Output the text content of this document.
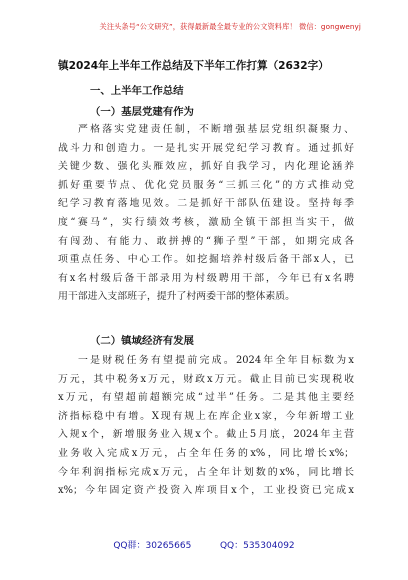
关注头条号“公文研究”，获得最新最全最专业的公文资料库！ 微信：gongwenyj
镇2024年上半年工作总结及下半年工作打算（2632字）
一、上半年工作总结
（一）基层党建有作为
严格落实党建责任制，不断增强基层党组织凝聚力、
战斗力和创造力。一是扎实开展党纪学习教育。通过抓好
关键少数、强化头雁效应，抓好自我学习，内化理论涵养
抓好重要节点、优化党员服务“三抓三化”的方式推动党
纪学习教育落地见效。二是抓好干部队伍建设。坚持每季
度“赛马”，实行绩效考核，激励全镇干部担当实干，做
有闯劲、有能力、敢拼搏的“狮子型”干部，如期完成各
项重点任务、中心工作。如挖掘培养村级后备干部x人，已
有x名村级后备干部录用为村级聘用干部，今年已有x名聘
用干部进入支部班子，提升了村两委干部的整体素质。
（二）镇域经济有发展
一是财税任务有望提前完成。2024年全年目标数为x
万元，其中税务x万元，财政x万元。截止目前已实现税收
x万元，有望超前超额完成“过半”任务。二是其他主要经
济指标稳中有增。X现有规上在库企业x家，今年新增工业
入规x个，新增服务业入规x个。截止5月底，2024年主营
业务收入完成x万元，占全年任务的x%，同比增长x%；
今年利润指标完成x万元，占全年计划数的x%，同比增长
x%；今年固定资产投资入库项目x个，工业投资已完成x
QQ群：30265665	QQ：535304092
